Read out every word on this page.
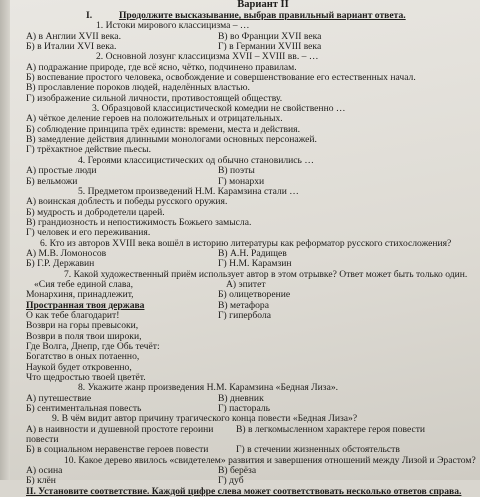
Вариант II
I.	Продолжите высказывание, выбрав правильный вариант ответа.
1. Истоки мирового классицизма – …
А) в Англии XVII века.	В) во Франции XVII века
Б) в Италии XVI века.	Г) в Германии XVIII века
2. Основной лозунг классицизма XVII – XVIII вв. – …
А) подражание природе, где всё ясно, чётко, подчинено правилам.
Б) воспевание простого человека, освобождение и совершенствование его естественных начал.
В) прославление пороков людей, наделённых властью.
Г) изображение сильной личности, противостоящей обществу.
3. Образцовой классицистической комедии не свойственно …
А) чёткое деление героев на положительных и отрицательных.
Б) соблюдение принципа трёх единств: времени, места и действия.
В) замедление действия длинными монологами основных персонажей.
Г) трёхактное действие пьесы.
4. Героями классицистических од обычно становились …
А) простые люди	В) поэты
Б) вельможи	Г) монархи
5. Предметом произведений Н.М. Карамзина стали …
А) воинская доблесть и победы русского оружия.
Б) мудрость и добродетели царей.
В) грандиозность и непостижимость Божьего замысла.
Г) человек и его переживания.
6. Кто из авторов XVIII века вошёл в историю литературы как реформатор русского стихосложения?
А) М.В. Ломоносов	В) А.Н. Радищев
Б) Г.Р. Державин	Г) Н.М. Карамзин
7. Какой художественный приём использует автор в этом отрывке? Ответ может быть только один.
«Сия тебе единой слава,	А) эпитет
Монархиня, принадлежит,	Б) олицетворение
Пространная твоя держава	В) метафора
О как тебе благодарит!	Г) гипербола
Возври на горы превысоки,
Возври в поля твои широки,
Где Волга, Днепр, где Обь течёт:
Богатство в оных потаенно,
Наукой будет откровенно,
Что щедростью твоей цветёт.
8. Укажите жанр произведения Н.М. Карамзина «Бедная Лиза».
А) путешествие	В) дневник
Б) сентиментальная повесть	Г) пастораль
9. В чём видит автор причину трагического конца повести «Бедная Лиза»?
А) в наивности и душевной простоте героини	В) в легкомысленном характере героя повести
повести
Б) в социальном неравенстве героев повести	Г) в стечении жизненных обстоятельств
10. Какое дерево явилось «свидетелем» развития и завершения отношений между Лизой и Эрастом?
А) осина	В) берёза
Б) клён	Г) дуб
II. Установите соответствие. Каждой цифре слева может соответствовать несколько ответов справа.
